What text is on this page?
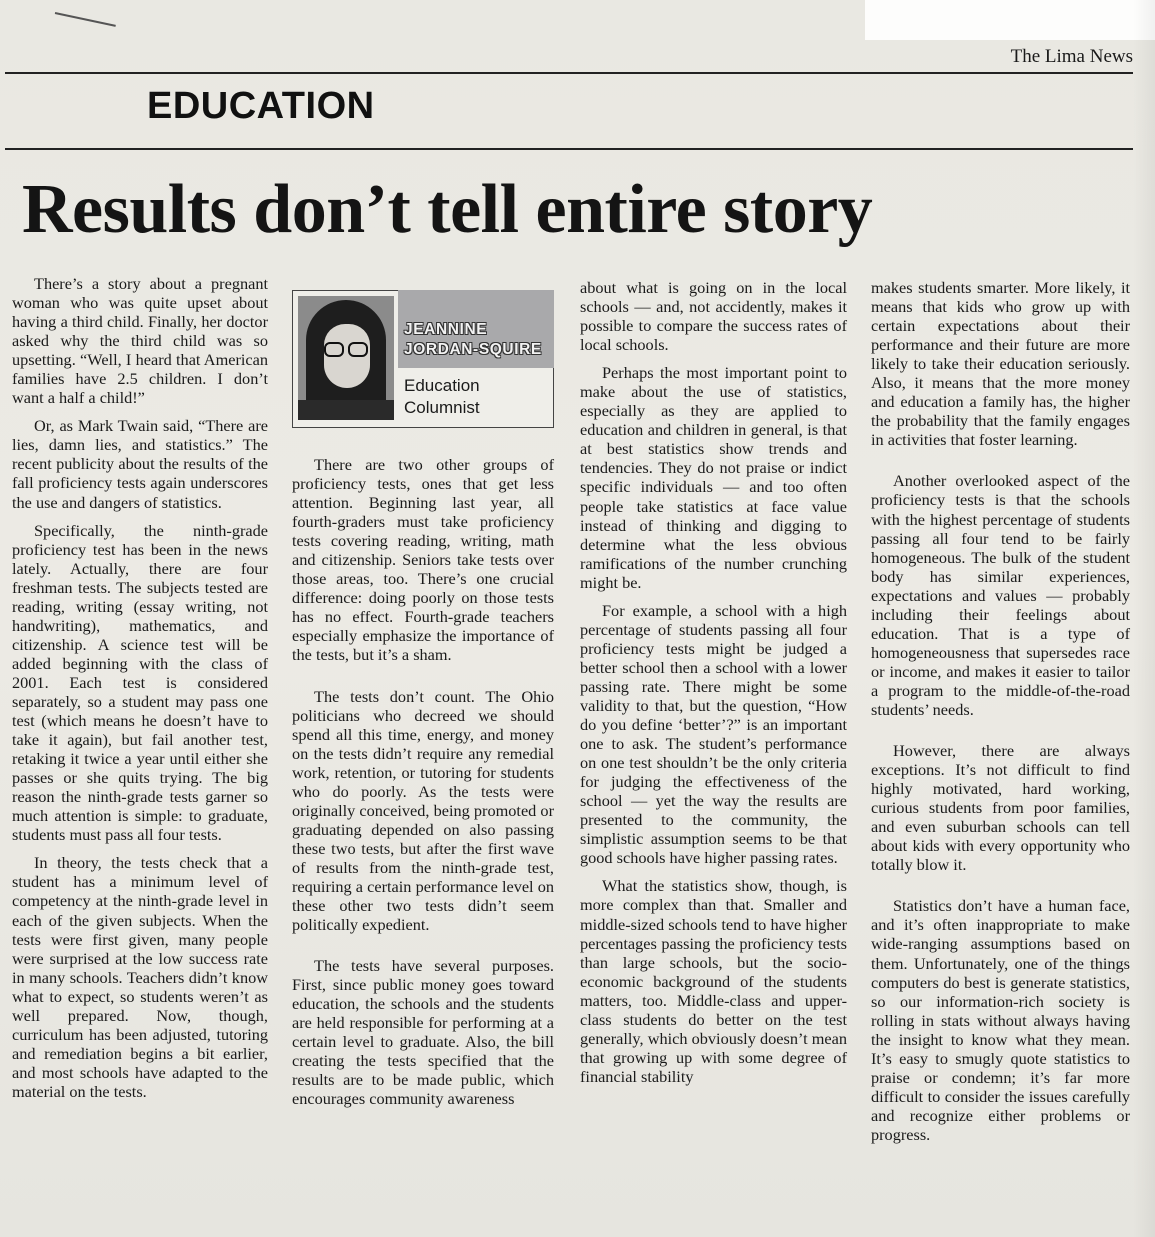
The Lima News
EDUCATION
Results don’t tell entire story

There’s a story about a pregnant woman who was quite upset about having a third child. Finally, her doctor asked why the third child was so upsetting. “Well, I heard that American families have 2.5 children. I don’t want a half a child!”

Or, as Mark Twain said, “There are lies, damn lies, and statistics.” The recent publicity about the results of the fall proficiency tests again underscores the use and dangers of statistics.

Specifically, the ninth-grade proficiency test has been in the news lately. Actually, there are four freshman tests. The subjects tested are reading, writing (essay writing, not handwriting), mathematics, and citizenship. A science test will be added beginning with the class of 2001. Each test is considered separately, so a student may pass one test (which means he doesn’t have to take it again), but fail another test, retaking it twice a year until either she passes or she quits trying. The big reason the ninth-grade tests garner so much attention is simple: to graduate, students must pass all four tests.

In theory, the tests check that a student has a minimum level of competency at the ninth-grade level in each of the given subjects. When the tests were first given, many people were surprised at the low success rate in many schools. Teachers didn’t know what to expect, so students weren’t as well prepared. Now, though, curriculum has been adjusted, tutoring and remediation begins a bit earlier, and most schools have adapted to the material on the tests.

JEANNINE
JORDAN-SQUIRE
Education
Columnist

There are two other groups of proficiency tests, ones that get less attention. Beginning last year, all fourth-graders must take proficiency tests covering reading, writing, math and citizenship. Seniors take tests over those areas, too. There’s one crucial difference: doing poorly on those tests has no effect. Fourth-grade teachers especially emphasize the importance of the tests, but it’s a sham.

The tests don’t count. The Ohio politicians who decreed we should spend all this time, energy, and money on the tests didn’t require any remedial work, retention, or tutoring for students who do poorly. As the tests were originally conceived, being promoted or graduating depended on also passing these two tests, but after the first wave of results from the ninth-grade test, requiring a certain performance level on these other two tests didn’t seem politically expedient.

The tests have several purposes. First, since public money goes toward education, the schools and the students are held responsible for performing at a certain level to graduate. Also, the bill creating the tests specified that the results are to be made public, which encourages community awareness

about what is going on in the local schools — and, not accidently, makes it possible to compare the success rates of local schools.

Perhaps the most important point to make about the use of statistics, especially as they are applied to education and children in general, is that at best statistics show trends and tendencies. They do not praise or indict specific individuals — and too often people take statistics at face value instead of thinking and digging to determine what the less obvious ramifications of the number crunching might be.

For example, a school with a high percentage of students passing all four proficiency tests might be judged a better school then a school with a lower passing rate. There might be some validity to that, but the question, “How do you define ‘better’?” is an important one to ask. The student’s performance on one test shouldn’t be the only criteria for judging the effectiveness of the school — yet the way the results are presented to the community, the simplistic assumption seems to be that good schools have higher passing rates.

What the statistics show, though, is more complex than that. Smaller and middle-sized schools tend to have higher percentages passing the proficiency tests than large schools, but the socio-economic background of the students matters, too. Middle-class and upper-class students do better on the test generally, which obviously doesn’t mean that growing up with some degree of financial stability

makes students smarter. More likely, it means that kids who grow up with certain expectations about their performance and their future are more likely to take their education seriously. Also, it means that the more money and education a family has, the higher the probability that the family engages in activities that foster learning.

Another overlooked aspect of the proficiency tests is that the schools with the highest percentage of students passing all four tend to be fairly homogeneous. The bulk of the student body has similar experiences, expectations and values — probably including their feelings about education. That is a type of homogeneousness that supersedes race or income, and makes it easier to tailor a program to the middle-of-the-road students’ needs.

However, there are always exceptions. It’s not difficult to find highly motivated, hard working, curious students from poor families, and even suburban schools can tell about kids with every opportunity who totally blow it.

Statistics don’t have a human face, and it’s often inappropriate to make wide-ranging assumptions based on them. Unfortunately, one of the things computers do best is generate statistics, so our information-rich society is rolling in stats without always having the insight to know what they mean. It’s easy to smugly quote statistics to praise or condemn; it’s far more difficult to consider the issues carefully and recognize either problems or progress.
